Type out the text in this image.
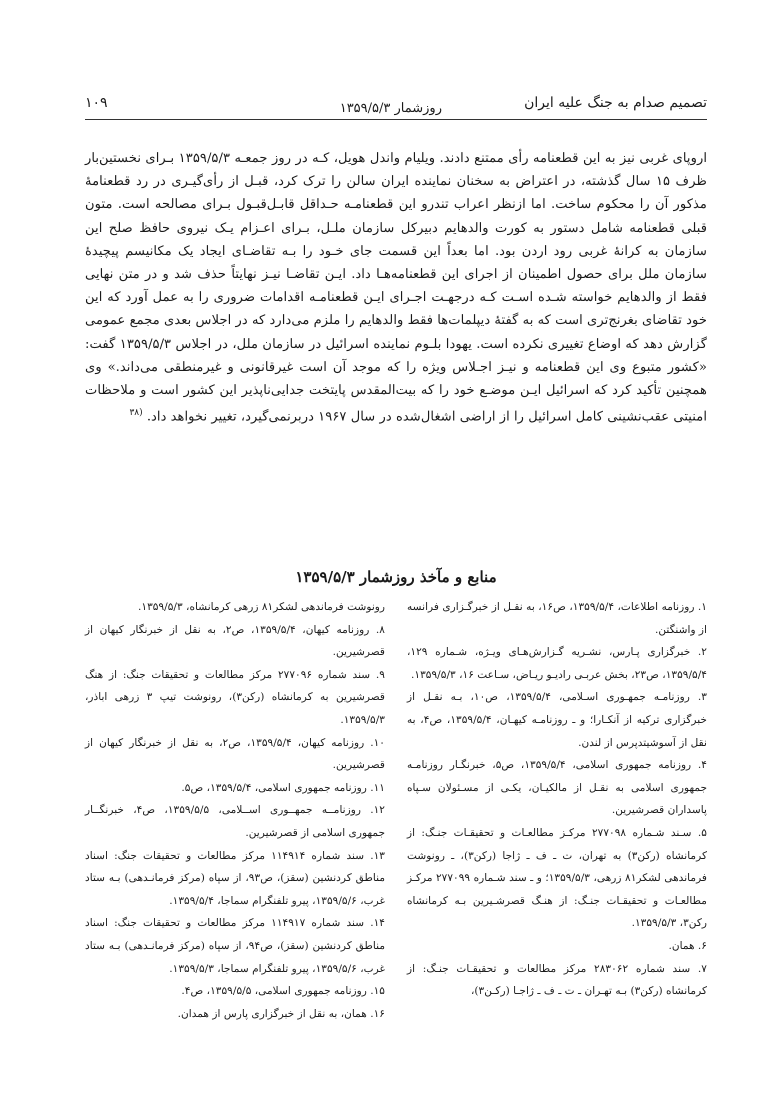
تصمیم صدام به جنگ علیه ایران
روزشمار ۱۳۵۹/۵/۳
۱۰۹
اروپای غربی نیز به این قطعنامه رأی ممتنع دادند. ویلیام واندل هویل، کـه در روز جمعـه ۱۳۵۹/۵/۳ بـرای نخستین‌بار ظرف ۱۵ سال گذشته، در اعتراض به سخنان نماینده ایران سالن را ترک کرد، قبـل از رأی‌گیـری در رد قطعنامهٔ مذکور آن را محکوم ساخت. اما ازنظر اعراب تندرو این قطعنامـه حـداقل قابـل‌قبـول بـرای مصالحه است. متون قبلی قطعنامه شامل دستور به کورت والدهایم دبیرکل سازمان ملـل، بـرای اعـزام یـک نیروی حافظ صلح این سازمان به کرانهٔ غربی رود اردن بود. اما بعداً این قسمت جای خـود را بـه تقاضـای ایجاد یک مکانیسم پیچیدهٔ سازمان ملل برای حصول اطمینان از اجرای این قطعنامه‌هـا داد. ایـن تقاضـا نیـز نهایتاً حذف شد و در متن نهایی فقط از والدهایم خواسته شـده اسـت کـه درجهـت اجـرای ایـن قطعنامـه اقدامات ضروری را به عمل آورد که این خود تقاضای بغرنج‌تری است که به گفتهٔ دیپلمات‌ها فقط والدهایم را ملزم می‌دارد که در اجلاس بعدی مجمع عمومی گزارش دهد که اوضاع تغییری نکرده است. یهودا بلـوم نماینده اسرائیل در سازمان ملل، در اجلاس ۱۳۵۹/۵/۳ گفت: «کشور متبوع وی این قطعنامه و نیـز اجـلاس ویژه را که موجد آن است غیرقانونی و غیرمنطقی می‌داند.» وی همچنین تأکید کرد که اسرائیل ایـن موضـع خود را که بیت‌المقدس پایتخت جدایی‌ناپذیر این کشور است و ملاحظات امنیتی عقب‌نشینی کامل اسرائیل را از اراضی اشغال‌شده در سال ۱۹۶۷ دربرنمی‌گیرد، تغییر نخواهد داد. $^{(۳۸}$
منابع و مآخذ روزشمار ۱۳۵۹/۵/۳
۱. روزنامه اطلاعات، ۱۳۵۹/۵/۴، ص۱۶، به نقـل از خبرگـزاری فرانسه از واشنگتن.
۲. خبرگزاری پـارس، نشـریه گـزارش‌هـای ویـژه، شـماره ۱۲۹، ۱۳۵۹/۵/۴، ص۲۳، بخش عربـی رادیـو ریـاض، سـاعت ۱۶، ۱۳۵۹/۵/۳.
۳. روزنامـه جمهـوری اسـلامی، ۱۳۵۹/۵/۴، ص۱۰، بـه نقـل از خبرگزاری ترکیه از آنکـارا؛ و ـ روزنامـه کیهـان، ۱۳۵۹/۵/۴، ص۴، به نقل از آسوشیتدپرس از لندن.
۴. روزنامه جمهوری اسلامی، ۱۳۵۹/۵/۴، ص۵، خبرنگـار روزنامـه جمهوری اسلامی به نقـل از مالکیـان، یکـی از مسـئولان سـپاه پاسداران قصرشیرین.
۵. سـند شـماره ۲۷۷۰۹۸ مرکـز مطالعـات و تحقیقـات جنـگ: از کرمانشاه (رکن۳) به تهران، ت ـ ف ـ ژاجا (رکن۳)، ـ رونوشت فرماندهی لشکر۸۱ زرهی، ۱۳۵۹/۵/۳؛ و ـ سند شـماره ۲۷۷۰۹۹ مرکـز مطالعـات و تحقیقـات جنـگ: از هنـگ قصرشـیرین بـه کرمانشاه رکن۳، ۱۳۵۹/۵/۳.
۶. همان.
۷. سند شماره ۲۸۳۰۶۲ مرکز مطالعات و تحقیقـات جنـگ: از کرمانشاه (رکن۳) بـه تهـران ـ ت ـ ف ـ ژاجـا (رکـن۳)،
رونوشت فرماندهی لشکر۸۱ زرهی کرمانشاه، ۱۳۵۹/۵/۳.
۸. روزنامه کیهان، ۱۳۵۹/۵/۴، ص۲، به نقل از خبرنگار کیهان از قصرشیرین.
۹. سند شماره ۲۷۷۰۹۶ مرکز مطالعات و تحقیقات جنگ: از هنگ قصرشیرین به کرمانشاه (رکن۳)، رونوشت تیپ ۳ زرهی اباذر، ۱۳۵۹/۵/۳.
۱۰. روزنامه کیهان، ۱۳۵۹/۵/۴، ص۲، به نقل از خبرنگار کیهان از قصرشیرین.
۱۱. روزنامه جمهوری اسلامی، ۱۳۵۹/۵/۴، ص۵.
۱۲. روزنامــه جمهــوری اســلامی، ۱۳۵۹/۵/۵، ص۴، خبرنگــار جمهوری اسلامی از قصرشیرین.
۱۳. سند شماره ۱۱۴۹۱۴ مرکز مطالعات و تحقیقات جنگ: اسناد مناطق کردنشین (سقز)، ص۹۳، از سپاه (مرکز فرمانـدهی) بـه ستاد غرب، ۱۳۵۹/۵/۶، پیرو تلفنگرام سماجا، ۱۳۵۹/۵/۴.
۱۴. سند شماره ۱۱۴۹۱۷ مرکز مطالعات و تحقیقات جنگ: اسناد مناطق کردنشین (سقز)، ص۹۴، از سپاه (مرکز فرمانـدهی) بـه ستاد غرب، ۱۳۵۹/۵/۶، پیرو تلفنگرام سماجا، ۱۳۵۹/۵/۳.
۱۵. روزنامه جمهوری اسلامی، ۱۳۵۹/۵/۵، ص۴.
۱۶. همان، به نقل از خبرگزاری پارس از همدان.
